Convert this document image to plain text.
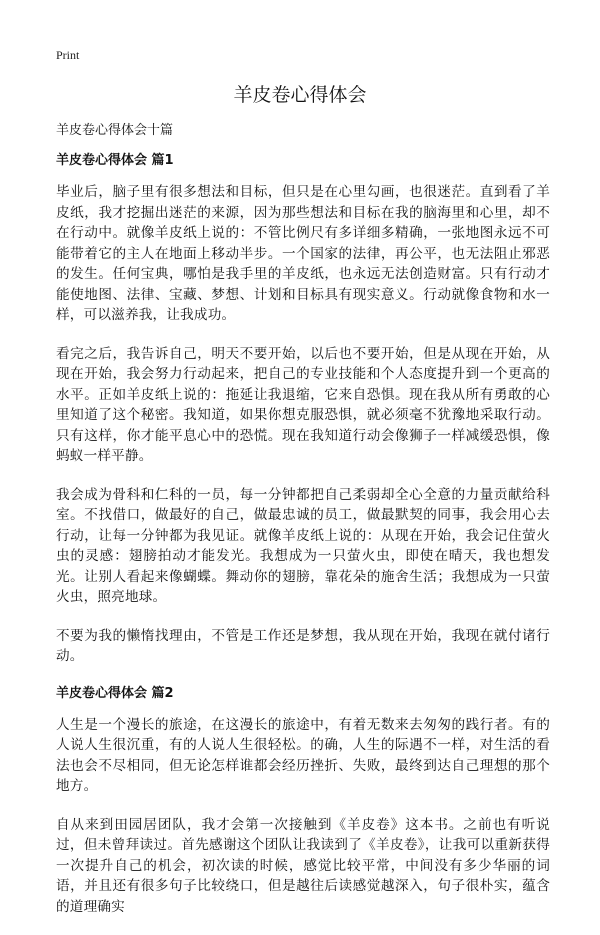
Print
羊皮卷心得体会

羊皮卷心得体会十篇

羊皮卷心得体会 篇1

毕业后，脑子里有很多想法和目标，但只是在心里勾画，也很迷茫。直到看了羊皮纸，我才挖掘出迷茫的来源，因为那些想法和目标在我的脑海里和心里，却不在行动中。就像羊皮纸上说的：不管比例尺有多详细多精确，一张地图永远不可能带着它的主人在地面上移动半步。一个国家的法律，再公平，也无法阻止邪恶的发生。任何宝典，哪怕是我手里的羊皮纸，也永远无法创造财富。只有行动才能使地图、法律、宝藏、梦想、计划和目标具有现实意义。行动就像食物和水一样，可以滋养我，让我成功。

看完之后，我告诉自己，明天不要开始，以后也不要开始，但是从现在开始，从现在开始，我会努力行动起来，把自己的专业技能和个人态度提升到一个更高的水平。正如羊皮纸上说的：拖延让我退缩，它来自恐惧。现在我从所有勇敢的心里知道了这个秘密。我知道，如果你想克服恐惧，就必须毫不犹豫地采取行动。只有这样，你才能平息心中的恐慌。现在我知道行动会像狮子一样减缓恐惧，像蚂蚁一样平静。

我会成为骨科和仁科的一员，每一分钟都把自己柔弱却全心全意的力量贡献给科室。不找借口，做最好的自己，做最忠诚的员工，做最默契的同事，我会用心去行动，让每一分钟都为我见证。就像羊皮纸上说的：从现在开始，我会记住萤火虫的灵感：翅膀拍动才能发光。我想成为一只萤火虫，即使在晴天，我也想发光。让别人看起来像蝴蝶。舞动你的翅膀，靠花朵的施舍生活；我想成为一只萤火虫，照亮地球。

不要为我的懒惰找理由，不管是工作还是梦想，我从现在开始，我现在就付诸行动。

羊皮卷心得体会 篇2

人生是一个漫长的旅途，在这漫长的旅途中，有着无数来去匆匆的践行者。有的人说人生很沉重，有的人说人生很轻松。的确，人生的际遇不一样，对生活的看法也会不尽相同，但无论怎样谁都会经历挫折、失败，最终到达自己理想的那个地方。

自从来到田园居团队，我才会第一次接触到《羊皮卷》这本书。之前也有听说过，但未曾拜读过。首先感谢这个团队让我读到了《羊皮卷》，让我可以重新获得一次提升自己的机会，初次读的时候，感觉比较平常，中间没有多少华丽的词语，并且还有很多句子比较绕口，但是越往后读感觉越深入，句子很朴实，蕴含的道理确实
